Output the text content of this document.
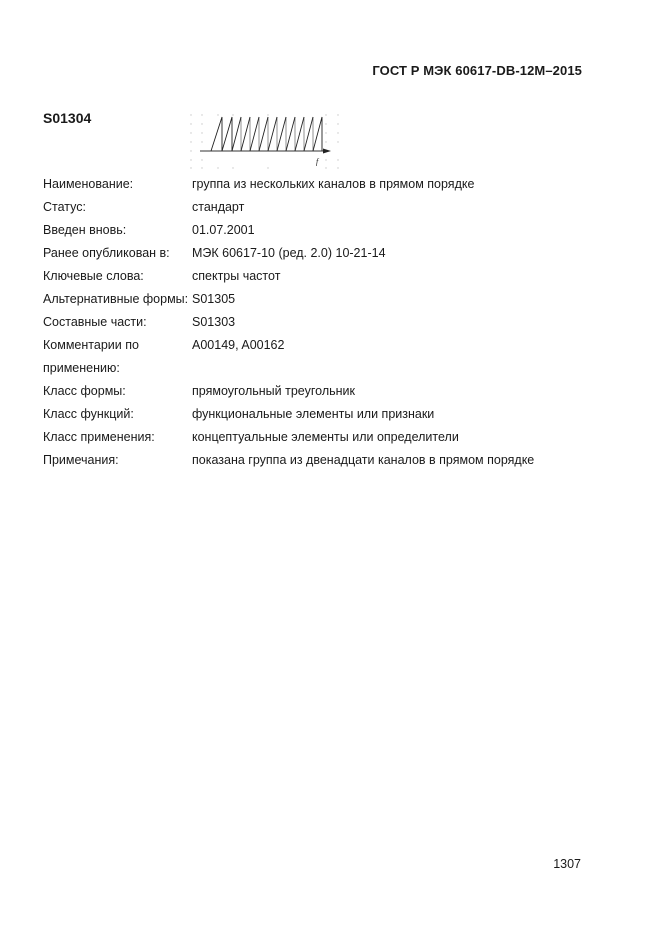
ГОСТ Р МЭК 60617-DB-12M–2015
S01304
f
Наименование:	группа из нескольких каналов в прямом порядке
Статус:	стандарт
Введен вновь:	01.07.2001
Ранее опубликован в:	МЭК 60617-10 (ред. 2.0) 10-21-14
Ключевые слова:	спектры частот
Альтернативные формы: S01305
Составные части:	S01303
Комментарии по применению:
A00149, A00162
Класс формы:	прямоугольный треугольник
Класс функций:	функциональные элементы или признаки
Класс применения:	концептуальные элементы или определители
Примечания:	показана группа из двенадцати каналов в прямом порядке
1307
